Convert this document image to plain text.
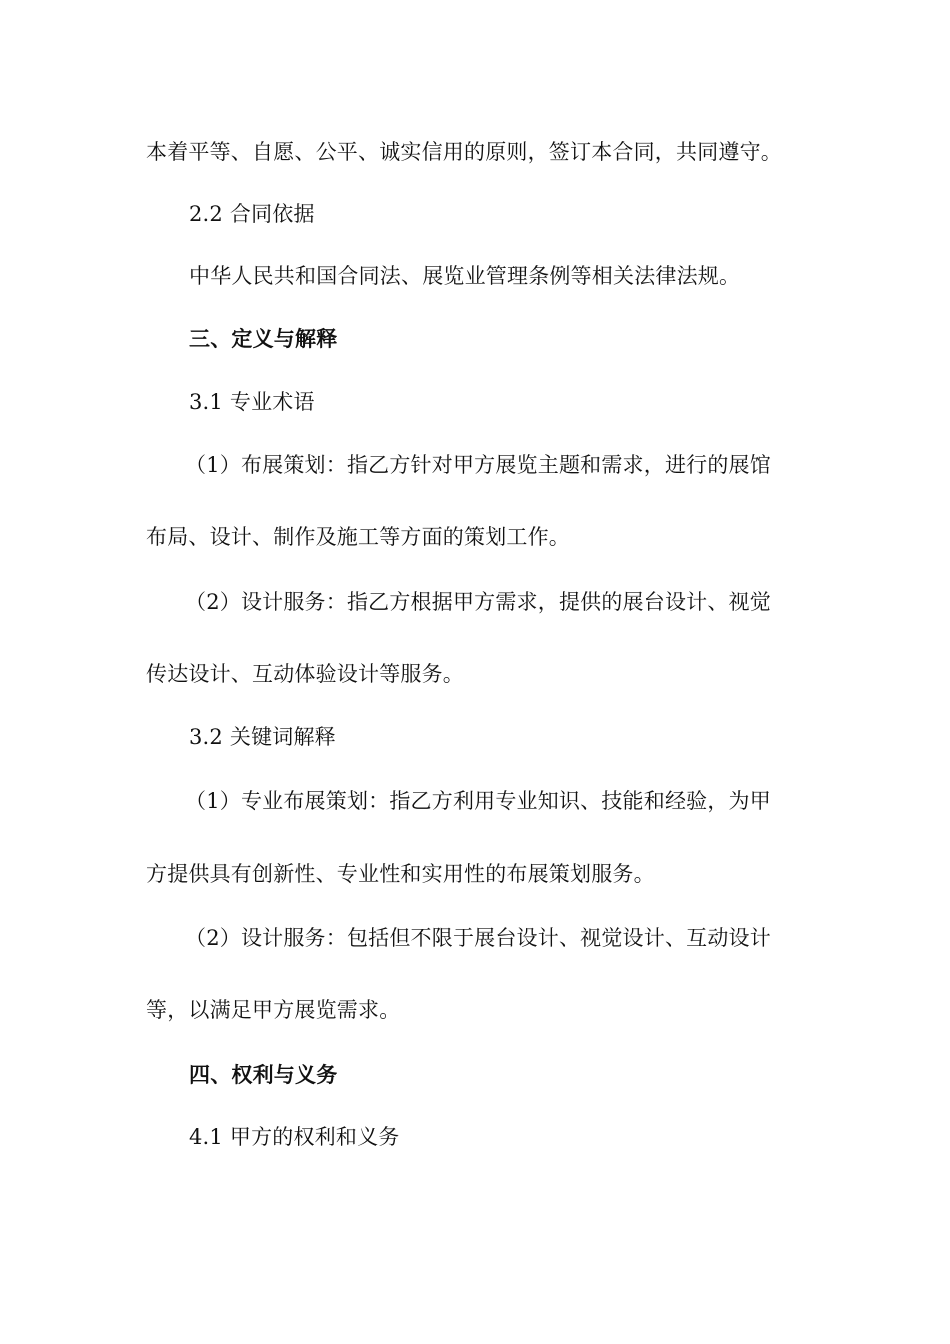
本着平等、自愿、公平、诚实信用的原则，签订本合同，共同遵守。
2.2 合同依据
中华人民共和国合同法、展览业管理条例等相关法律法规。
三、定义与解释
3.1 专业术语
（1）布展策划：指乙方针对甲方展览主题和需求，进行的展馆
布局、设计、制作及施工等方面的策划工作。
（2）设计服务：指乙方根据甲方需求，提供的展台设计、视觉
传达设计、互动体验设计等服务。
3.2 关键词解释
（1）专业布展策划：指乙方利用专业知识、技能和经验，为甲
方提供具有创新性、专业性和实用性的布展策划服务。
（2）设计服务：包括但不限于展台设计、视觉设计、互动设计
等，以满足甲方展览需求。
四、权利与义务
4.1 甲方的权利和义务
